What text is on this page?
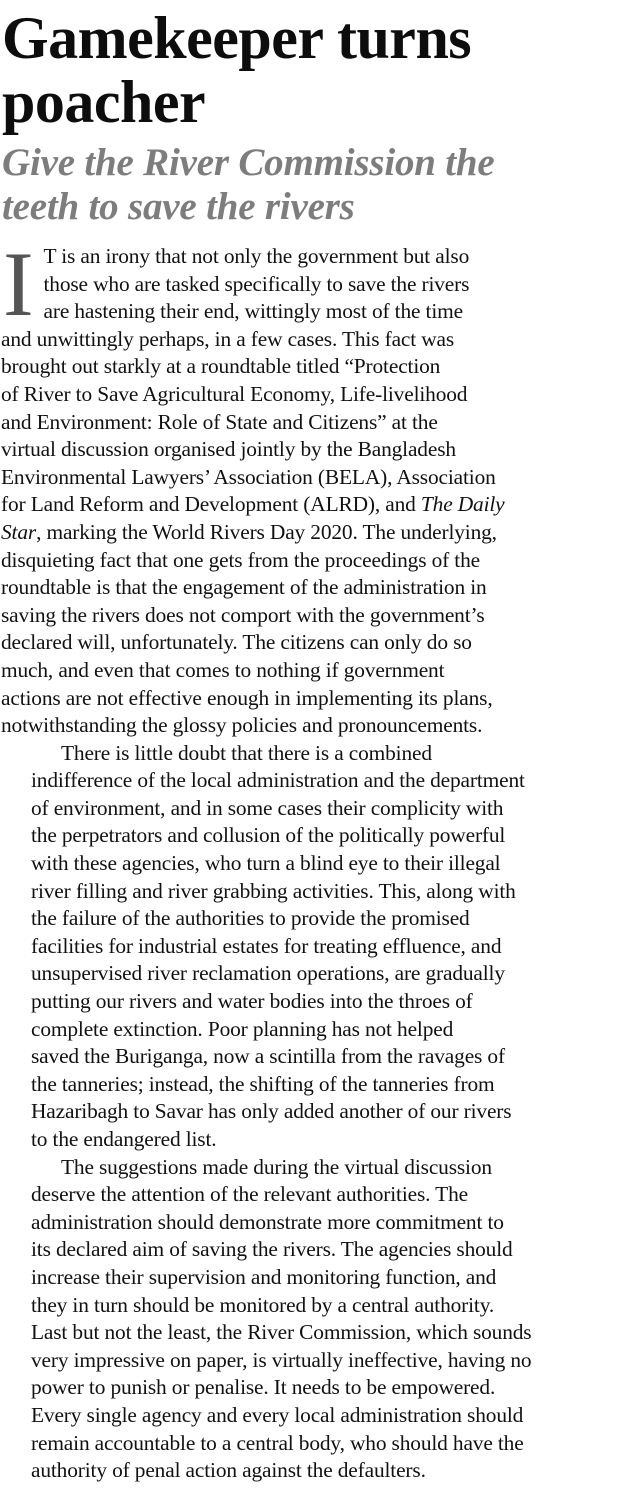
Gamekeeper turns
poacher
Give the River Commission the
teeth to save the rivers
I T is an irony that not only the government but also
those who are tasked specifically to save the rivers
are hastening their end, wittingly most of the time
and unwittingly perhaps, in a few cases. This fact was
brought out starkly at a roundtable titled “Protection
of River to Save Agricultural Economy, Life-livelihood
and Environment: Role of State and Citizens” at the
virtual discussion organised jointly by the Bangladesh
Environmental Lawyers’ Association (BELA), Association
for Land Reform and Development (ALRD), and The Daily
Star, marking the World Rivers Day 2020. The underlying,
disquieting fact that one gets from the proceedings of the
roundtable is that the engagement of the administration in
saving the rivers does not comport with the government’s
declared will, unfortunately. The citizens can only do so
much, and even that comes to nothing if government
actions are not effective enough in implementing its plans,
notwithstanding the glossy policies and pronouncements.
There is little doubt that there is a combined
indifference of the local administration and the department
of environment, and in some cases their complicity with
the perpetrators and collusion of the politically powerful
with these agencies, who turn a blind eye to their illegal
river filling and river grabbing activities. This, along with
the failure of the authorities to provide the promised
facilities for industrial estates for treating effluence, and
unsupervised river reclamation operations, are gradually
putting our rivers and water bodies into the throes of
complete extinction. Poor planning has not helped
saved the Buriganga, now a scintilla from the ravages of
the tanneries; instead, the shifting of the tanneries from
Hazaribagh to Savar has only added another of our rivers
to the endangered list.
The suggestions made during the virtual discussion
deserve the attention of the relevant authorities. The
administration should demonstrate more commitment to
its declared aim of saving the rivers. The agencies should
increase their supervision and monitoring function, and
they in turn should be monitored by a central authority.
Last but not the least, the River Commission, which sounds
very impressive on paper, is virtually ineffective, having no
power to punish or penalise. It needs to be empowered.
Every single agency and every local administration should
remain accountable to a central body, who should have the
authority of penal action against the defaulters.
